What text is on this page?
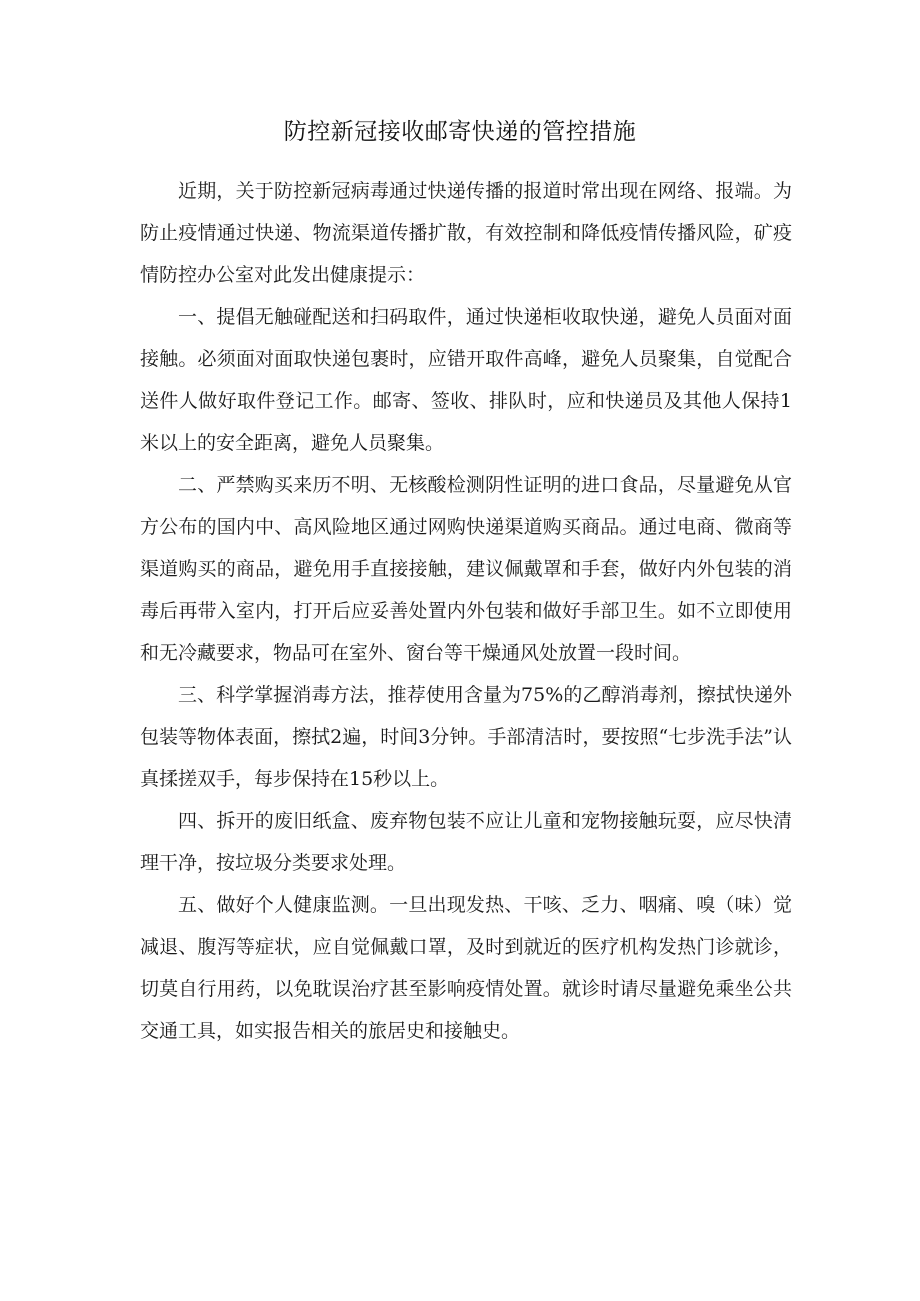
防控新冠接收邮寄快递的管控措施

近期，关于防控新冠病毒通过快递传播的报道时常出现在网络、报端。为防止疫情通过快递、物流渠道传播扩散，有效控制和降低疫情传播风险，矿疫情防控办公室对此发出健康提示：

一、提倡无触碰配送和扫码取件，通过快递柜收取快递，避免人员面对面接触。必须面对面取快递包裹时，应错开取件高峰，避免人员聚集，自觉配合送件人做好取件登记工作。邮寄、签收、排队时，应和快递员及其他人保持1米以上的安全距离，避免人员聚集。

二、严禁购买来历不明、无核酸检测阴性证明的进口食品，尽量避免从官方公布的国内中、高风险地区通过网购快递渠道购买商品。通过电商、微商等渠道购买的商品，避免用手直接接触，建议佩戴罩和手套，做好内外包装的消毒后再带入室内，打开后应妥善处置内外包装和做好手部卫生。如不立即使用和无冷藏要求，物品可在室外、窗台等干燥通风处放置一段时间。

三、科学掌握消毒方法，推荐使用含量为75%的乙醇消毒剂，擦拭快递外包装等物体表面，擦拭2遍，时间3分钟。手部清洁时，要按照“七步洗手法”认真揉搓双手，每步保持在15秒以上。

四、拆开的废旧纸盒、废弃物包装不应让儿童和宠物接触玩耍，应尽快清理干净，按垃圾分类要求处理。

五、做好个人健康监测。一旦出现发热、干咳、乏力、咽痛、嗅（味）觉减退、腹泻等症状，应自觉佩戴口罩，及时到就近的医疗机构发热门诊就诊，切莫自行用药，以免耽误治疗甚至影响疫情处置。就诊时请尽量避免乘坐公共交通工具，如实报告相关的旅居史和接触史。
